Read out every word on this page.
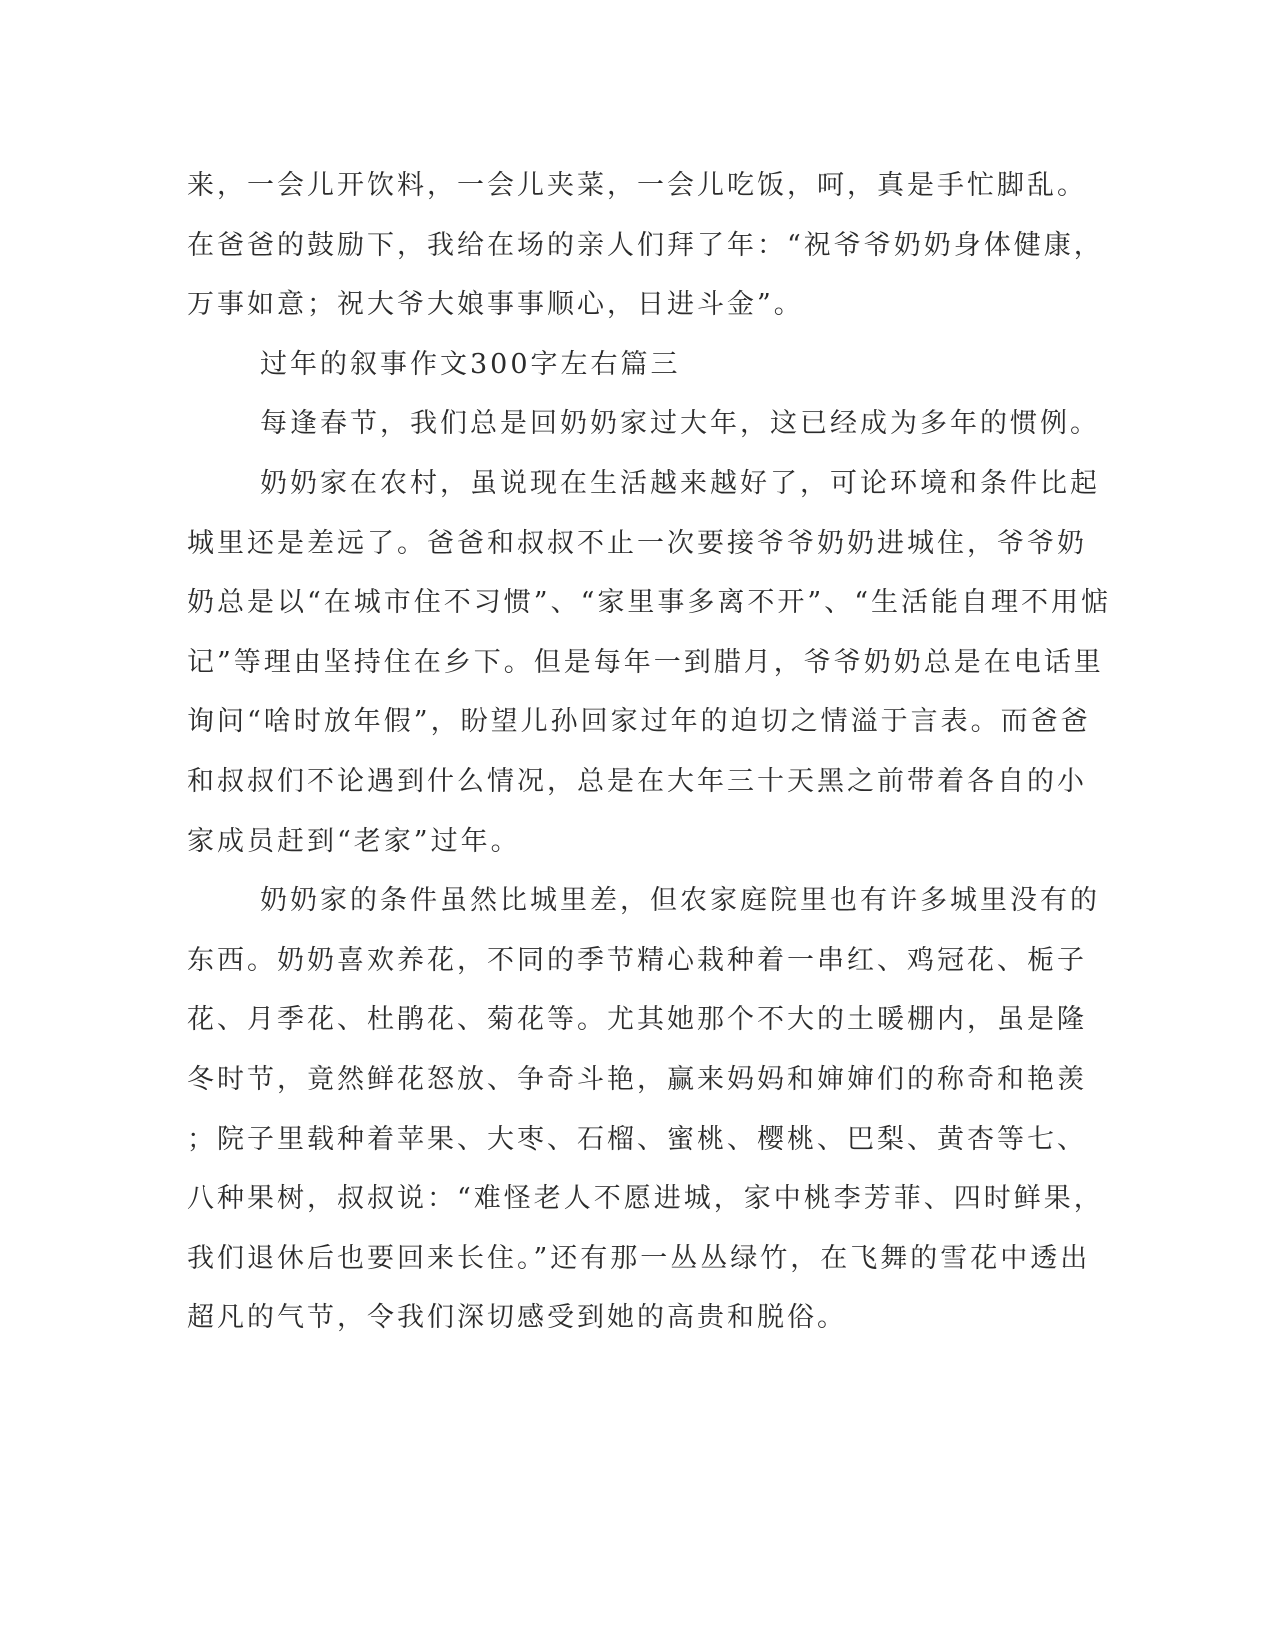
来，一会儿开饮料，一会儿夹菜，一会儿吃饭，呵，真是手忙脚乱。
在爸爸的鼓励下，我给在场的亲人们拜了年：“祝爷爷奶奶身体健康，
万事如意；祝大爷大娘事事顺心，日进斗金”。
过年的叙事作文300字左右篇三
每逢春节，我们总是回奶奶家过大年，这已经成为多年的惯例。
奶奶家在农村，虽说现在生活越来越好了，可论环境和条件比起
城里还是差远了。爸爸和叔叔不止一次要接爷爷奶奶进城住，爷爷奶
奶总是以“在城市住不习惯”、“家里事多离不开”、“生活能自理不用惦
记”等理由坚持住在乡下。但是每年一到腊月，爷爷奶奶总是在电话里
询问“啥时放年假”，盼望儿孙回家过年的迫切之情溢于言表。而爸爸
和叔叔们不论遇到什么情况，总是在大年三十天黑之前带着各自的小
家成员赶到“老家”过年。
奶奶家的条件虽然比城里差，但农家庭院里也有许多城里没有的
东西。奶奶喜欢养花，不同的季节精心栽种着一串红、鸡冠花、栀子
花、月季花、杜鹃花、菊花等。尤其她那个不大的土暖棚内，虽是隆
冬时节，竟然鲜花怒放、争奇斗艳，赢来妈妈和婶婶们的称奇和艳羡
；院子里载种着苹果、大枣、石榴、蜜桃、樱桃、巴梨、黄杏等七、
八种果树，叔叔说：“难怪老人不愿进城，家中桃李芳菲、四时鲜果，
我们退休后也要回来长住。”还有那一丛丛绿竹，在飞舞的雪花中透出
超凡的气节，令我们深切感受到她的高贵和脱俗。
